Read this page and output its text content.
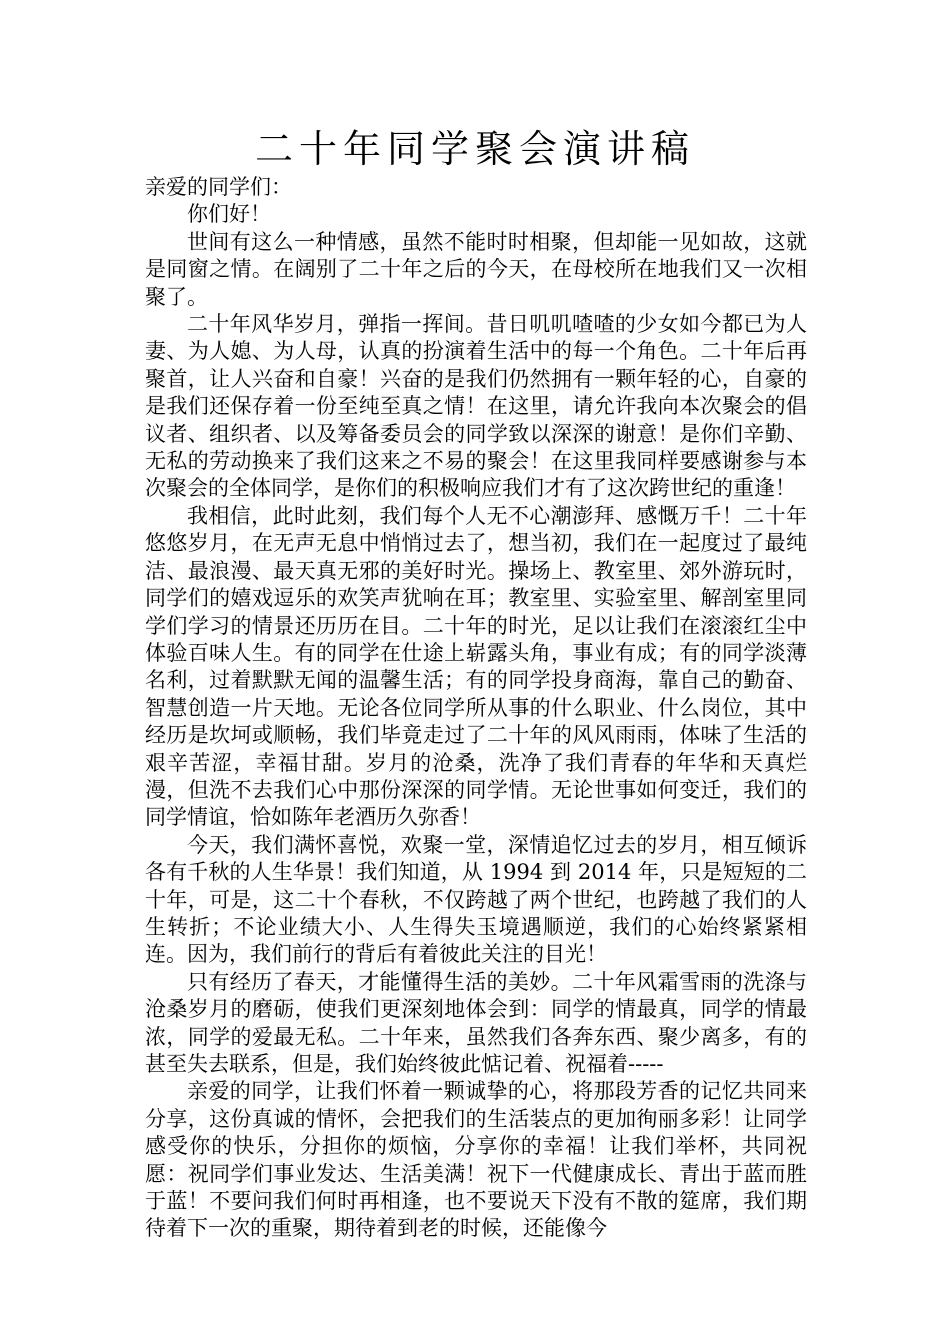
二十年同学聚会演讲稿

亲爱的同学们：

你们好！

世间有这么一种情感，虽然不能时时相聚，但却能一见如故，这就是同窗之情。在阔别了二十年之后的今天，在母校所在地我们又一次相聚了。

二十年风华岁月，弹指一挥间。昔日叽叽喳喳的少女如今都已为人妻、为人媳、为人母，认真的扮演着生活中的每一个角色。二十年后再聚首，让人兴奋和自豪！兴奋的是我们仍然拥有一颗年轻的心，自豪的是我们还保存着一份至纯至真之情！在这里，请允许我向本次聚会的倡议者、组织者、以及筹备委员会的同学致以深深的谢意！是你们辛勤、无私的劳动换来了我们这来之不易的聚会！在这里我同样要感谢参与本次聚会的全体同学，是你们的积极响应我们才有了这次跨世纪的重逢！

我相信，此时此刻，我们每个人无不心潮澎拜、感慨万千！二十年悠悠岁月，在无声无息中悄悄过去了，想当初，我们在一起度过了最纯洁、最浪漫、最天真无邪的美好时光。操场上、教室里、郊外游玩时，同学们的嬉戏逗乐的欢笑声犹响在耳；教室里、实验室里、解剖室里同学们学习的情景还历历在目。二十年的时光，足以让我们在滚滚红尘中体验百味人生。有的同学在仕途上崭露头角，事业有成；有的同学淡薄名利，过着默默无闻的温馨生活；有的同学投身商海，靠自己的勤奋、智慧创造一片天地。无论各位同学所从事的什么职业、什么岗位，其中经历是坎坷或顺畅，我们毕竟走过了二十年的风风雨雨，体味了生活的艰辛苦涩，幸福甘甜。岁月的沧桑，洗净了我们青春的年华和天真烂漫，但洗不去我们心中那份深深的同学情。无论世事如何变迁，我们的同学情谊，恰如陈年老酒历久弥香！

今天，我们满怀喜悦，欢聚一堂，深情追忆过去的岁月，相互倾诉各有千秋的人生华景！我们知道，从 1994 到 2014 年，只是短短的二十年，可是，这二十个春秋，不仅跨越了两个世纪，也跨越了我们的人生转折；不论业绩大小、人生得失玉境遇顺逆，我们的心始终紧紧相连。因为，我们前行的背后有着彼此关注的目光！

只有经历了春天，才能懂得生活的美妙。二十年风霜雪雨的洗涤与沧桑岁月的磨砺，使我们更深刻地体会到：同学的情最真，同学的情最浓，同学的爱最无私。二十年来，虽然我们各奔东西、聚少离多，有的甚至失去联系，但是，我们始终彼此惦记着、祝福着-----

亲爱的同学，让我们怀着一颗诚挚的心，将那段芳香的记忆共同来分享，这份真诚的情怀，会把我们的生活装点的更加徇丽多彩！让同学感受你的快乐，分担你的烦恼，分享你的幸福！让我们举杯，共同祝愿：祝同学们事业发达、生活美满！祝下一代健康成长、青出于蓝而胜于蓝！不要问我们何时再相逢，也不要说天下没有不散的筵席，我们期待着下一次的重聚，期待着到老的时候，还能像今
